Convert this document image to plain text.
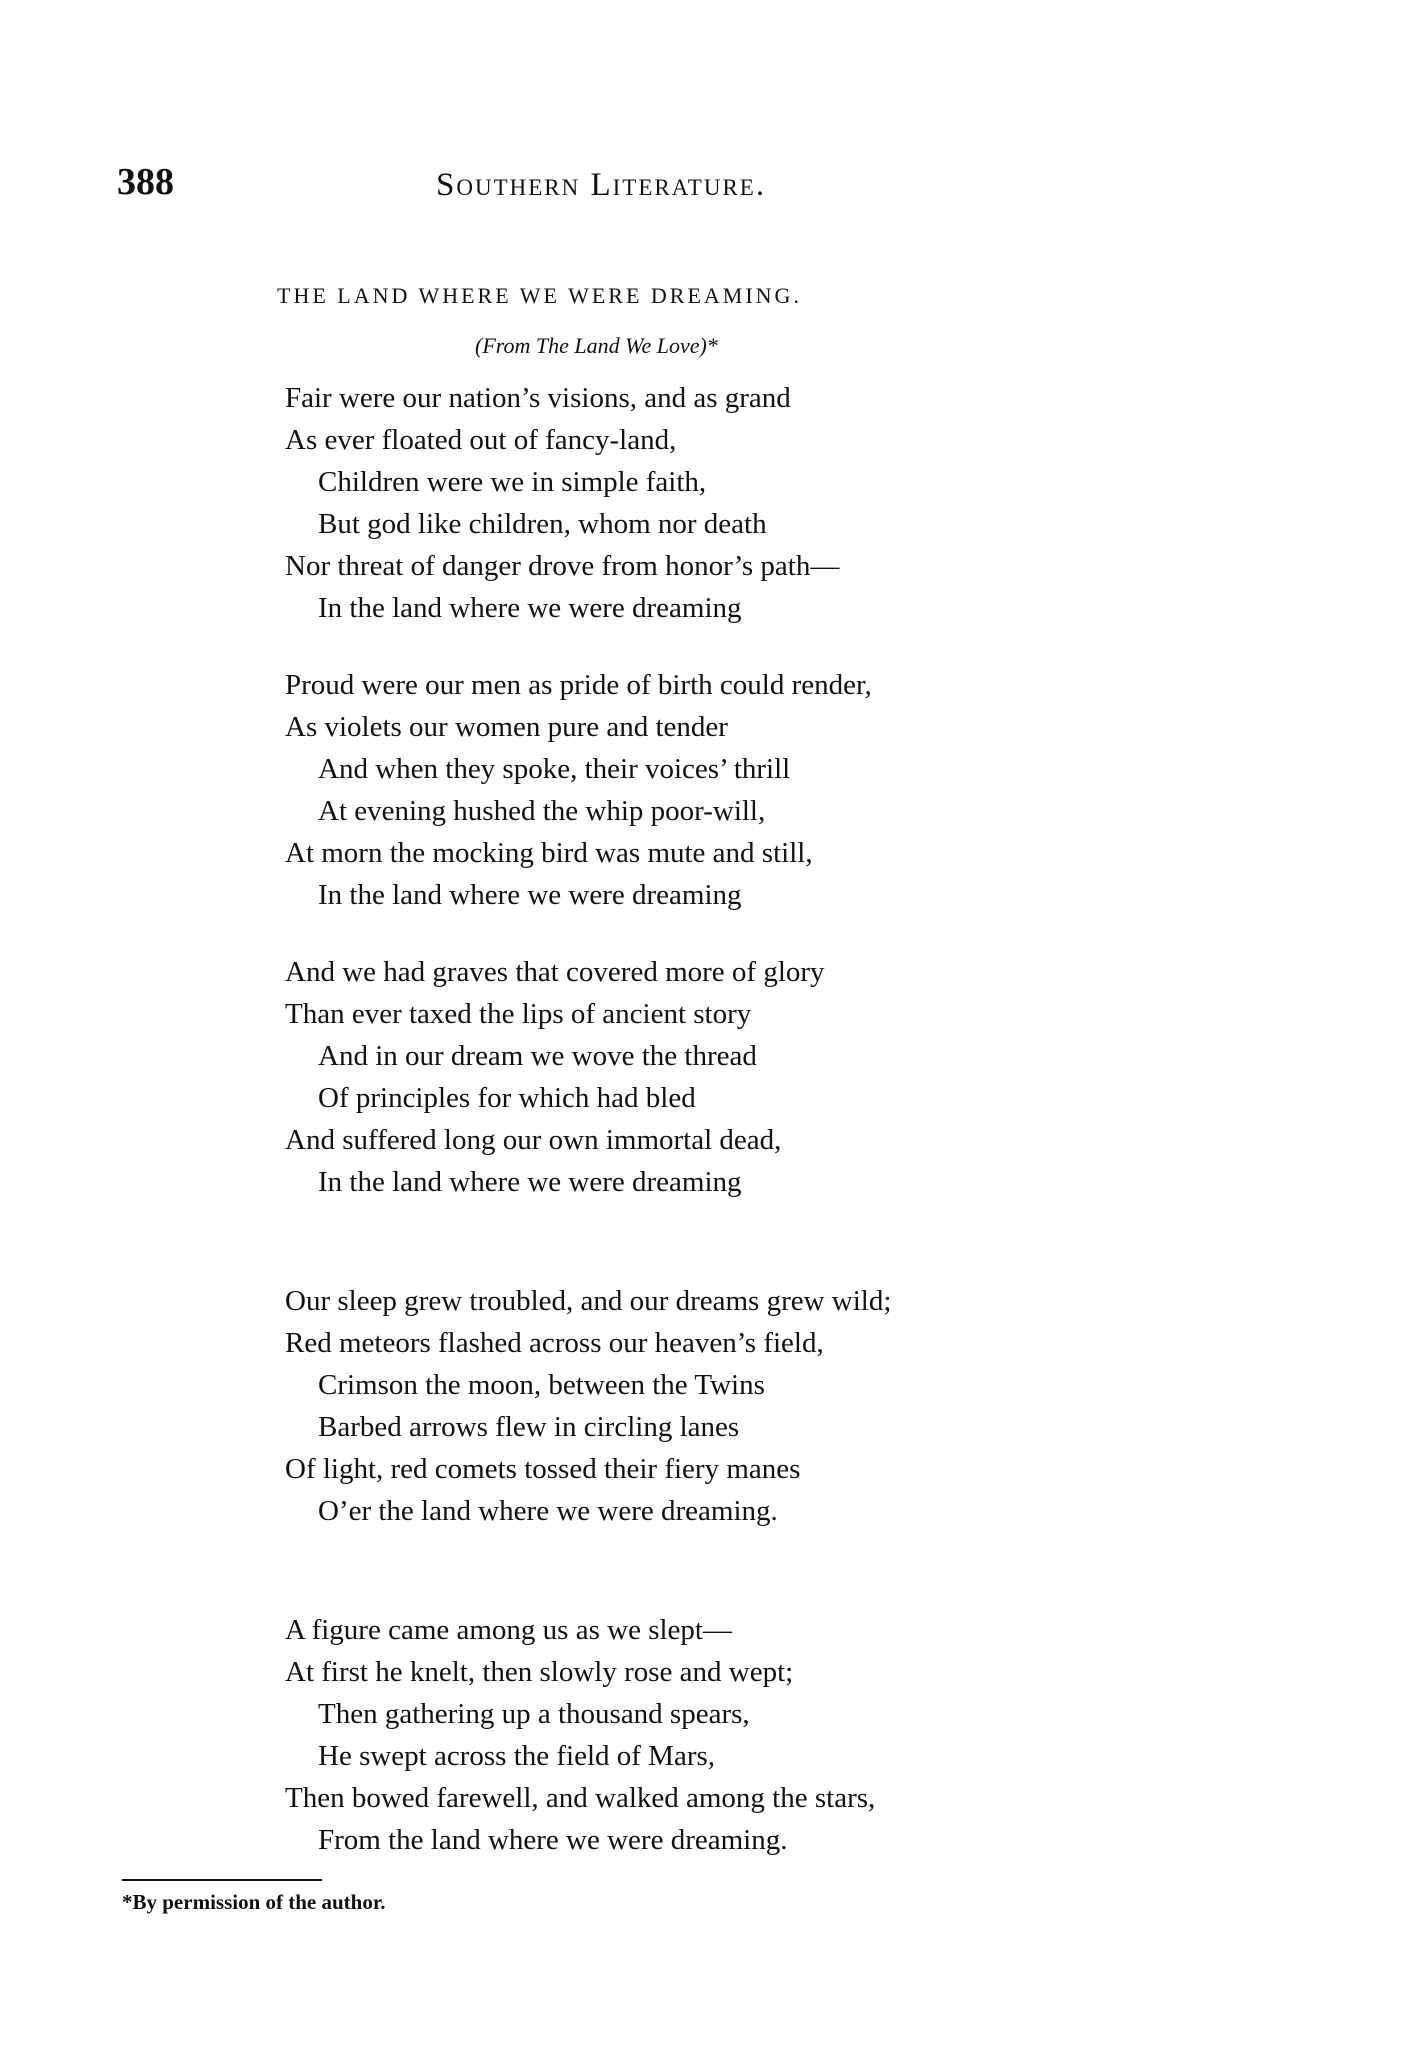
388	Southern Literature.
THE LAND WHERE WE WERE DREAMING.
(From The Land We Love)*
Fair were our nation’s visions, and as grand
As ever floated out of fancy-land,
Children were we in simple faith,
But god like children, whom nor death
Nor threat of danger drove from honor’s path—
In the land where we were dreaming
Proud were our men as pride of birth could render,
As violets our women pure and tender
And when they spoke, their voices’ thrill
At evening hushed the whip poor-will,
At morn the mocking bird was mute and still,
In the land where we were dreaming
And we had graves that covered more of glory
Than ever taxed the lips of ancient story
And in our dream we wove the thread
Of principles for which had bled
And suffered long our own immortal dead,
In the land where we were dreaming
Our sleep grew troubled, and our dreams grew wild;
Red meteors flashed across our heaven’s field,
Crimson the moon, between the Twins
Barbed arrows flew in circling lanes
Of light, red comets tossed their fiery manes
O’er the land where we were dreaming.
A figure came among us as we slept—
At first he knelt, then slowly rose and wept;
Then gathering up a thousand spears,
He swept across the field of Mars,
Then bowed farewell, and walked among the stars,
From the land where we were dreaming.
*By permission of the author.
